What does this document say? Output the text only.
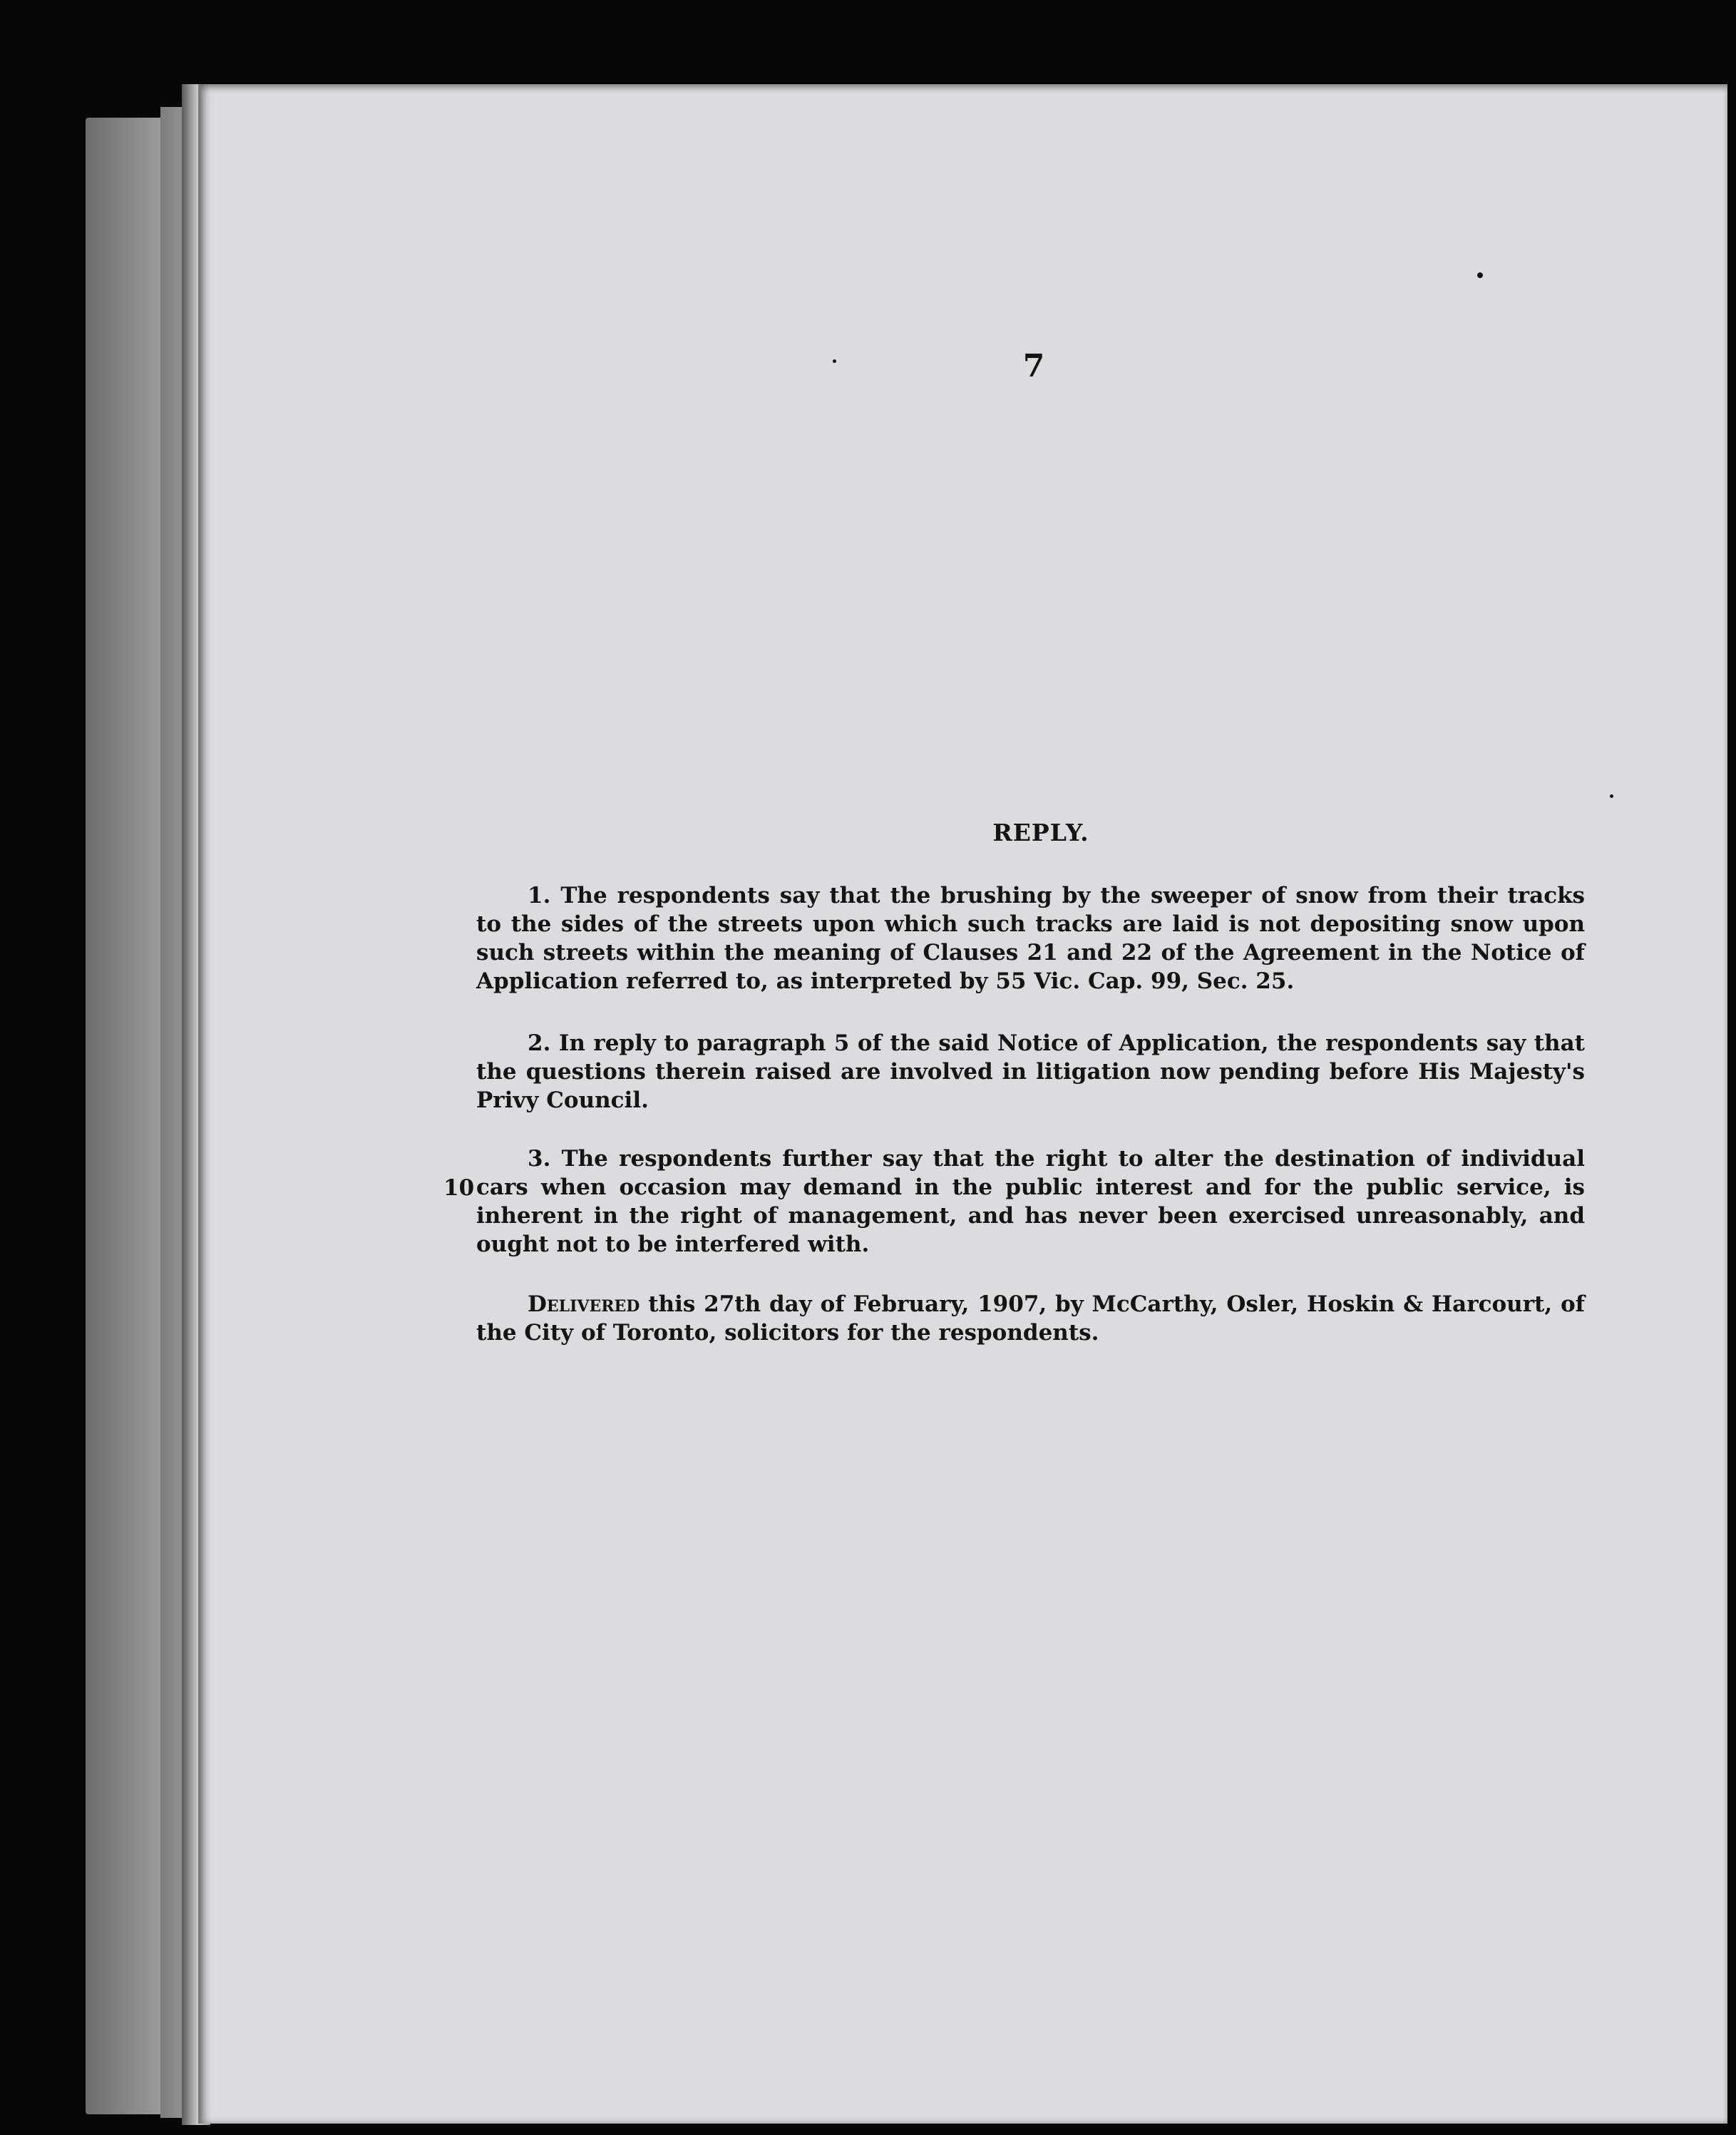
7
REPLY.

1. The respondents say that the brushing by the sweeper of snow from their tracks to the sides of the streets upon which such tracks are laid is not depositing snow upon such streets within the meaning of Clauses 21 and 22 of the Agreement in the Notice of Application referred to, as interpreted by 55 Vic. Cap. 99, Sec. 25.

2. In reply to paragraph 5 of the said Notice of Application, the respondents say that the questions therein raised are involved in litigation now pending before His Majesty's Privy Council.

10

3. The respondents further say that the right to alter the destination of individual cars when occasion may demand in the public interest and for the public service, is inherent in the right of management, and has never been exercised unreasonably, and ought not to be interfered with.

Delivered this 27th day of February, 1907, by McCarthy, Osler, Hoskin & Harcourt, of the City of Toronto, solicitors for the respondents.
